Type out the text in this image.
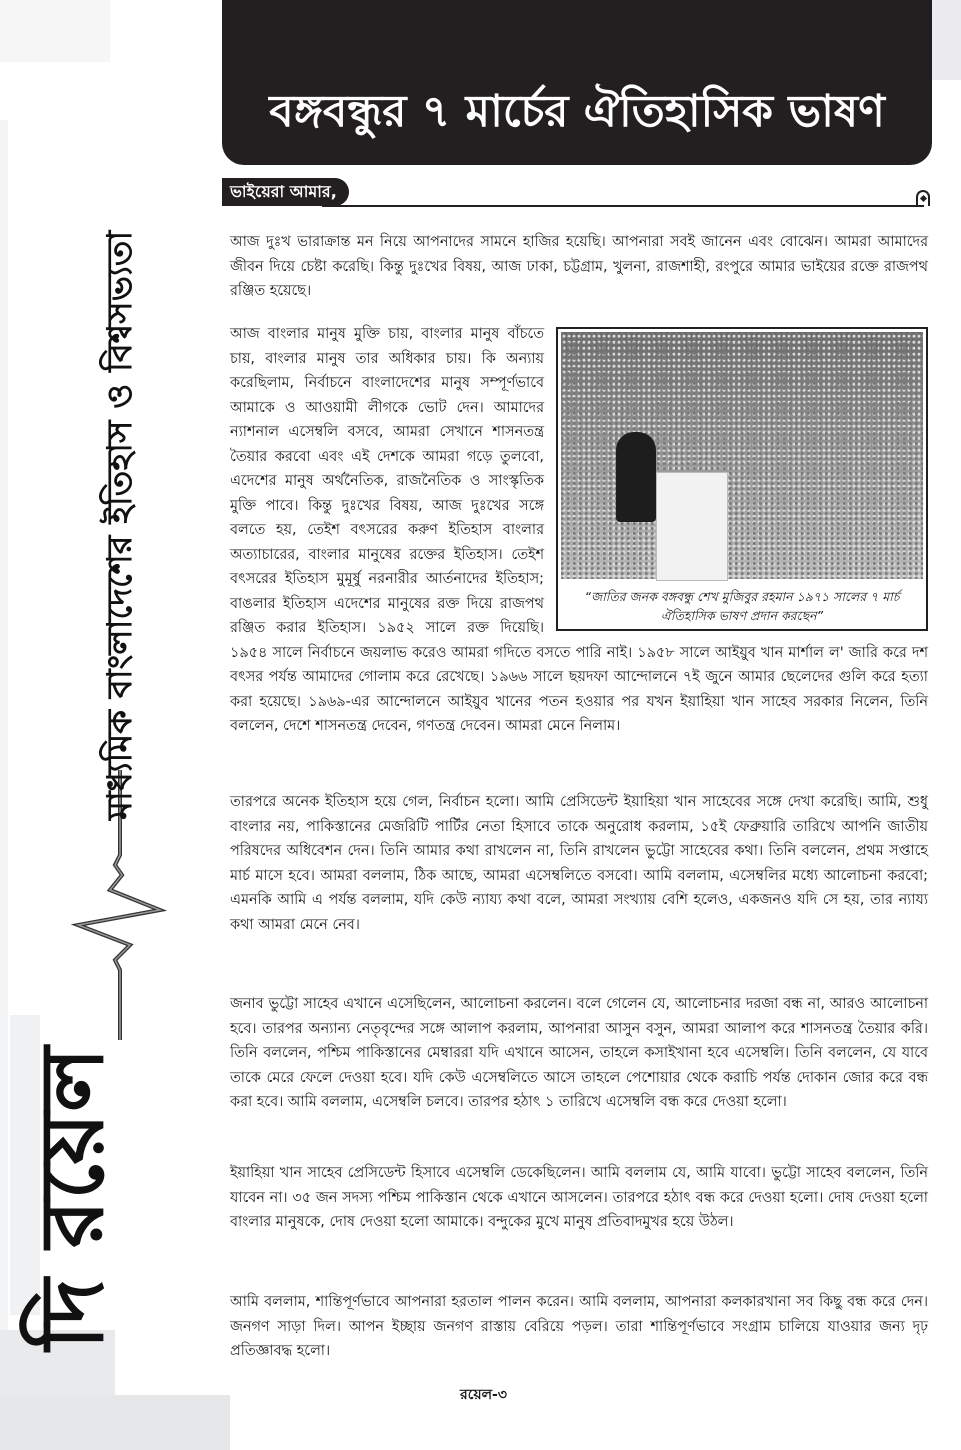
দি রয়েল
মাধ্যমিক বাংলাদেশের ইতিহাস ও বিশ্বসভ্যতা
বঙ্গবন্ধুর ৭ মার্চের ঐতিহাসিক ভাষণ
ভাইয়েরা আমার,
আজ দুঃখ ভারাক্রান্ত মন নিয়ে আপনাদের সামনে হাজির হয়েছি। আপনারা সবই জানেন এবং বোঝেন। আমরা আমাদের জীবন দিয়ে চেষ্টা করেছি। কিন্তু দুঃখের বিষয়, আজ ঢাকা, চট্টগ্রাম, খুলনা, রাজশাহী, রংপুরে আমার ভাইয়ের রক্তে রাজপথ রঞ্জিত হয়েছে।
“জাতির জনক বঙ্গবন্ধু শেখ মুজিবুর রহমান ১৯৭১ সালের ৭ মার্চ ঐতিহাসিক ভাষণ প্রদান করছেন”

আজ বাংলার মানুষ মুক্তি চায়, বাংলার মানুষ বাঁচতে চায়, বাংলার মানুষ তার অধিকার চায়। কি অন্যায় করেছিলাম, নির্বাচনে বাংলাদেশের মানুষ সম্পূর্ণভাবে আমাকে ও আওয়ামী লীগকে ভোট দেন। আমাদের ন্যাশনাল এসেম্বলি বসবে, আমরা সেখানে শাসনতন্ত্র তৈয়ার করবো এবং এই দেশকে আমরা গড়ে তুলবো, এদেশের মানুষ অর্থনৈতিক, রাজনৈতিক ও সাংস্কৃতিক মুক্তি পাবে। কিন্তু দুঃখের বিষয়, আজ দুঃখের সঙ্গে বলতে হয়, তেইশ বৎসরের করুণ ইতিহাস বাংলার অত্যাচারের, বাংলার মানুষের রক্তের ইতিহাস। তেইশ বৎসরের ইতিহাস মুমূর্ষু নরনারীর আর্তনাদের ইতিহাস; বাঙলার ইতিহাস এদেশের মানুষের রক্ত দিয়ে রাজপথ রঞ্জিত করার ইতিহাস। ১৯৫২ সালে রক্ত দিয়েছি। ১৯৫৪ সালে নির্বাচনে জয়লাভ করেও আমরা গদিতে বসতে পারি নাই। ১৯৫৮ সালে আইয়ুব খান মার্শাল ল' জারি করে দশ বৎসর পর্যন্ত আমাদের গোলাম করে রেখেছে। ১৯৬৬ সালে ছয়দফা আন্দোলনে ৭ই জুনে আমার ছেলেদের গুলি করে হত্যা করা হয়েছে। ১৯৬৯-এর আন্দোলনে আইয়ুব খানের পতন হওয়ার পর যখন ইয়াহিয়া খান সাহেব সরকার নিলেন, তিনি বললেন, দেশে শাসনতন্ত্র দেবেন, গণতন্ত্র দেবেন। আমরা মেনে নিলাম।

তারপরে অনেক ইতিহাস হয়ে গেল, নির্বাচন হলো। আমি প্রেসিডেন্ট ইয়াহিয়া খান সাহেবের সঙ্গে দেখা করেছি। আমি, শুধু বাংলার নয়, পাকিস্তানের মেজরিটি পার্টির নেতা হিসাবে তাকে অনুরোধ করলাম, ১৫ই ফেব্রুয়ারি তারিখে আপনি জাতীয় পরিষদের অধিবেশন দেন। তিনি আমার কথা রাখলেন না, তিনি রাখলেন ভুট্টো সাহেবের কথা। তিনি বললেন, প্রথম সপ্তাহে মার্চ মাসে হবে। আমরা বললাম, ঠিক আছে, আমরা এসেম্বলিতে বসবো। আমি বললাম, এসেম্বলির মধ্যে আলোচনা করবো; এমনকি আমি এ পর্যন্ত বললাম, যদি কেউ ন্যায্য কথা বলে, আমরা সংখ্যায় বেশি হলেও, একজনও যদি সে হয়, তার ন্যায্য কথা আমরা মেনে নেব।
জনাব ভুট্টো সাহেব এখানে এসেছিলেন, আলোচনা করলেন। বলে গেলেন যে, আলোচনার দরজা বন্ধ না, আরও আলোচনা হবে। তারপর অন্যান্য নেতৃবৃন্দের সঙ্গে আলাপ করলাম, আপনারা আসুন বসুন, আমরা আলাপ করে শাসনতন্ত্র তৈয়ার করি। তিনি বললেন, পশ্চিম পাকিস্তানের মেম্বাররা যদি এখানে আসেন, তাহলে কসাইখানা হবে এসেম্বলি। তিনি বললেন, যে যাবে তাকে মেরে ফেলে দেওয়া হবে। যদি কেউ এসেম্বলিতে আসে তাহলে পেশোয়ার থেকে করাচি পর্যন্ত দোকান জোর করে বন্ধ করা হবে। আমি বললাম, এসেম্বলি চলবে। তারপর হঠাৎ ১ তারিখে এসেম্বলি বন্ধ করে দেওয়া হলো।
ইয়াহিয়া খান সাহেব প্রেসিডেন্ট হিসাবে এসেম্বলি ডেকেছিলেন। আমি বললাম যে, আমি যাবো। ভুট্টো সাহেব বললেন, তিনি যাবেন না। ৩৫ জন সদস্য পশ্চিম পাকিস্তান থেকে এখানে আসলেন। তারপরে হঠাৎ বন্ধ করে দেওয়া হলো। দোষ দেওয়া হলো বাংলার মানুষকে, দোষ দেওয়া হলো আমাকে। বন্দুকের মুখে মানুষ প্রতিবাদমুখর হয়ে উঠল।
আমি বললাম, শান্তিপূর্ণভাবে আপনারা হরতাল পালন করেন। আমি বললাম, আপনারা কলকারখানা সব কিছু বন্ধ করে দেন। জনগণ সাড়া দিল। আপন ইচ্ছায় জনগণ রাস্তায় বেরিয়ে পড়ল। তারা শান্তিপূর্ণভাবে সংগ্রাম চালিয়ে যাওয়ার জন্য দৃঢ় প্রতিজ্ঞাবদ্ধ হলো।
রয়েল-৩
